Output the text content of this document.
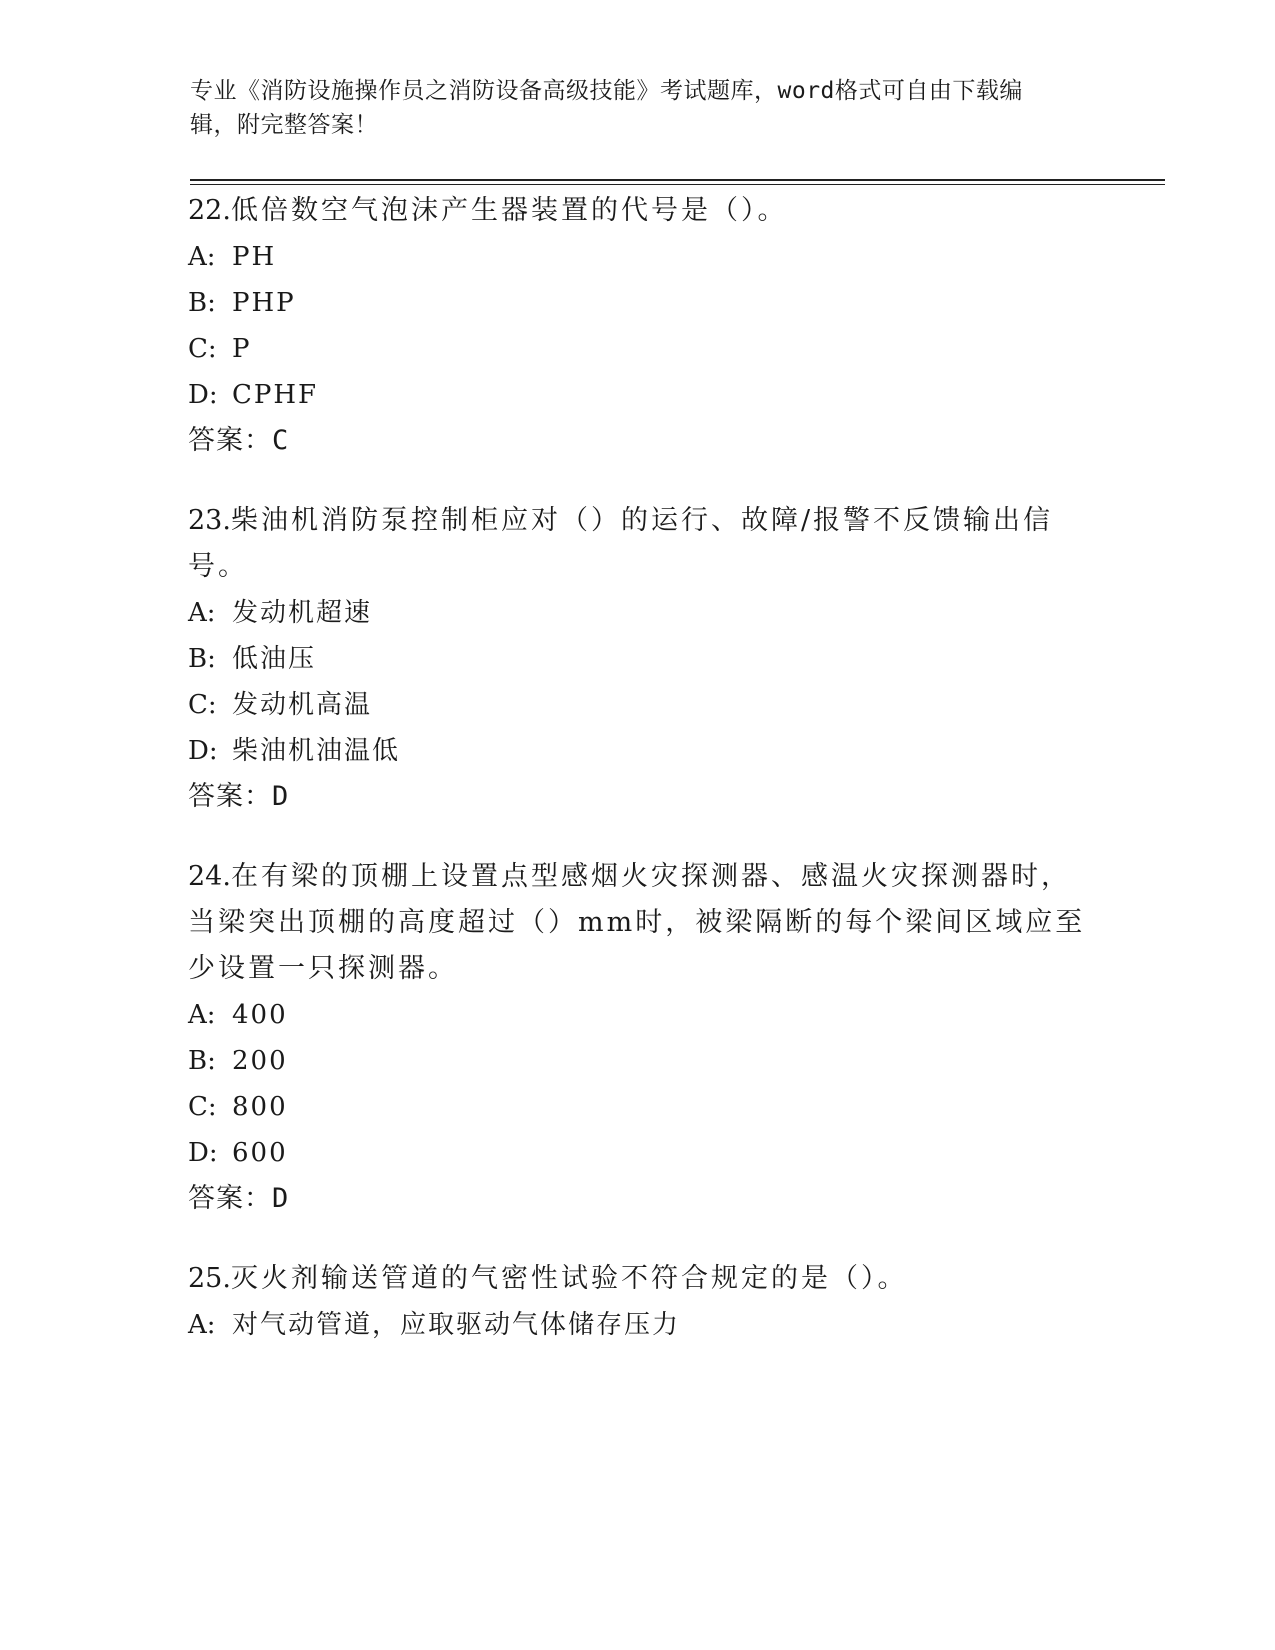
专业《消防设施操作员之消防设备高级技能》考试题库，word格式可自由下载编
辑，附完整答案！

22.低倍数空气泡沫产生器装置的代号是（）。

A: PH

B: PHP

C: P

D: CPHF

答案： C

23.柴油机消防泵控制柜应对（）的运行、故障/报警不反馈输出信号。

A: 发动机超速

B: 低油压

C: 发动机高温

D: 柴油机油温低

答案： D

24.在有梁的顶棚上设置点型感烟火灾探测器、感温火灾探测器时，当梁突出顶棚的高度超过（）mm时，被梁隔断的每个梁间区域应至少设置一只探测器。

A: 400

B: 200

C: 800

D: 600

答案： D

25.灭火剂输送管道的气密性试验不符合规定的是（）。

A: 对气动管道，应取驱动气体储存压力
